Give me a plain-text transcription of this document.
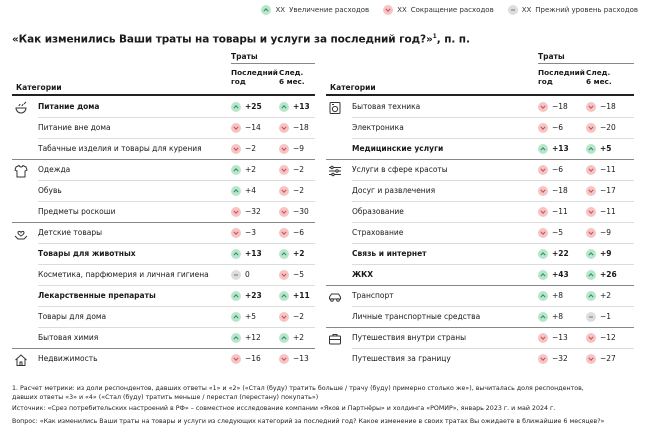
XX Увеличение расходов	XX Сокращение расходов	XX Прежний уровень расходов
«Как изменились Ваши траты на товары и услуги за последний год?»$^1$, п. п.
Траты
Последний
год
След.
6 мес.
Категории
Питание дома	+25	+13
Питание вне дома	−14	−18
Табачные изделия и товары для курения	−2	−9
Одежда	+2	−2
Обувь	+4	−2
Предметы роскоши	−32	−30
Детские товары	−3	−6
Товары для животных	+13	+2
Косметика, парфюмерия и личная гигиена	0	−5
Лекарственные препараты	+23	+11
Товары для дома	+5	−2
Бытовая химия	+12	+2
Недвижимость	−16	−13
Траты
Последний
год
След.
6 мес.
Категории
Бытовая техника	−18	−18
Электроника	−6	−20
Медицинские услуги	+13	+5
Услуги в сфере красоты	−6	−11
Досуг и развлечения	−18	−17
Образование	−11	−11
Страхование	−5	−9
Связь и интернет	+22	+9
ЖКХ	+43	+26
Транспорт	+8	+2
Личные транспортные средства	+8	−1
Путешествия внутри страны	−13	−12
Путешествия за границу	−32	−27
1. Расчет метрики: из доли респондентов, давших ответы «1» и «2» («Стал (буду) тратить больше / трачу (буду) примерно столько же»), вычиталась доля респондентов, давших ответы «3» и «4» («Стал (буду) тратить меньше / перестал (перестану) покупать»)
Источник: «Срез потребительских настроений в РФ» – совместное исследование компании «Яков и Партнёры» и холдинга «РОМИР», январь 2023 г. и май 2024 г.
Вопрос: «Как изменились Ваши траты на товары и услуги из следующих категорий за последний год? Какое изменение в своих тратах Вы ожидаете в ближайшие 6 месяцев?»
